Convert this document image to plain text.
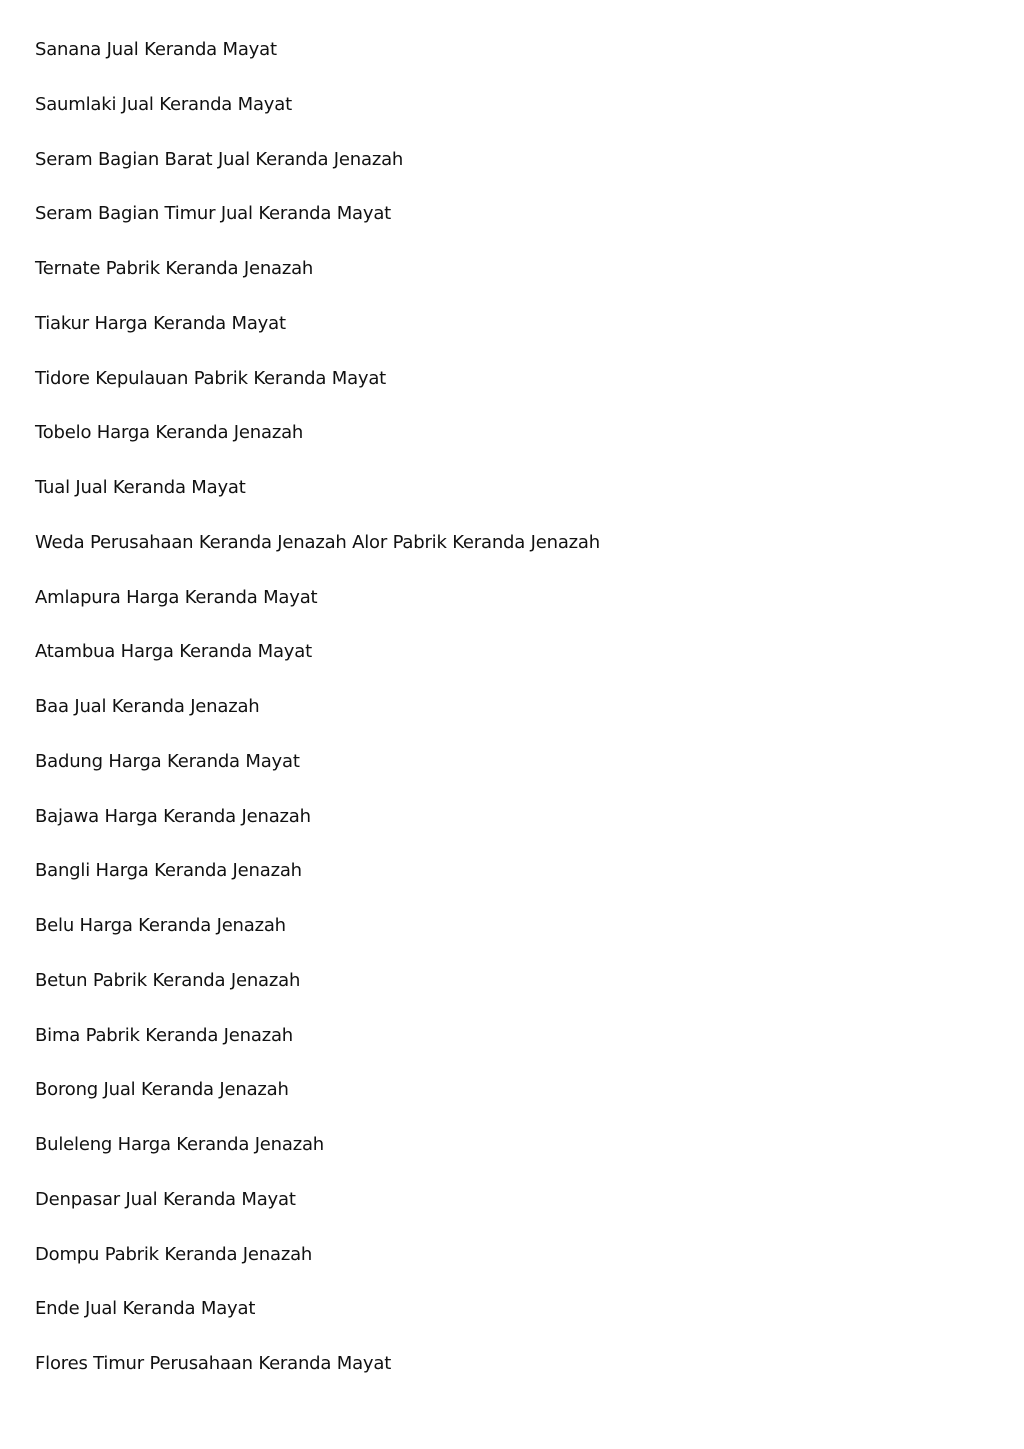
Sanana Jual Keranda Mayat
Saumlaki Jual Keranda Mayat
Seram Bagian Barat Jual Keranda Jenazah
Seram Bagian Timur Jual Keranda Mayat
Ternate Pabrik Keranda Jenazah
Tiakur Harga Keranda Mayat
Tidore Kepulauan Pabrik Keranda Mayat
Tobelo Harga Keranda Jenazah
Tual Jual Keranda Mayat
Weda Perusahaan Keranda Jenazah Alor Pabrik Keranda Jenazah
Amlapura Harga Keranda Mayat
Atambua Harga Keranda Mayat
Baa Jual Keranda Jenazah
Badung Harga Keranda Mayat
Bajawa Harga Keranda Jenazah
Bangli Harga Keranda Jenazah
Belu Harga Keranda Jenazah
Betun Pabrik Keranda Jenazah
Bima Pabrik Keranda Jenazah
Borong Jual Keranda Jenazah
Buleleng Harga Keranda Jenazah
Denpasar Jual Keranda Mayat
Dompu Pabrik Keranda Jenazah
Ende Jual Keranda Mayat
Flores Timur Perusahaan Keranda Mayat
